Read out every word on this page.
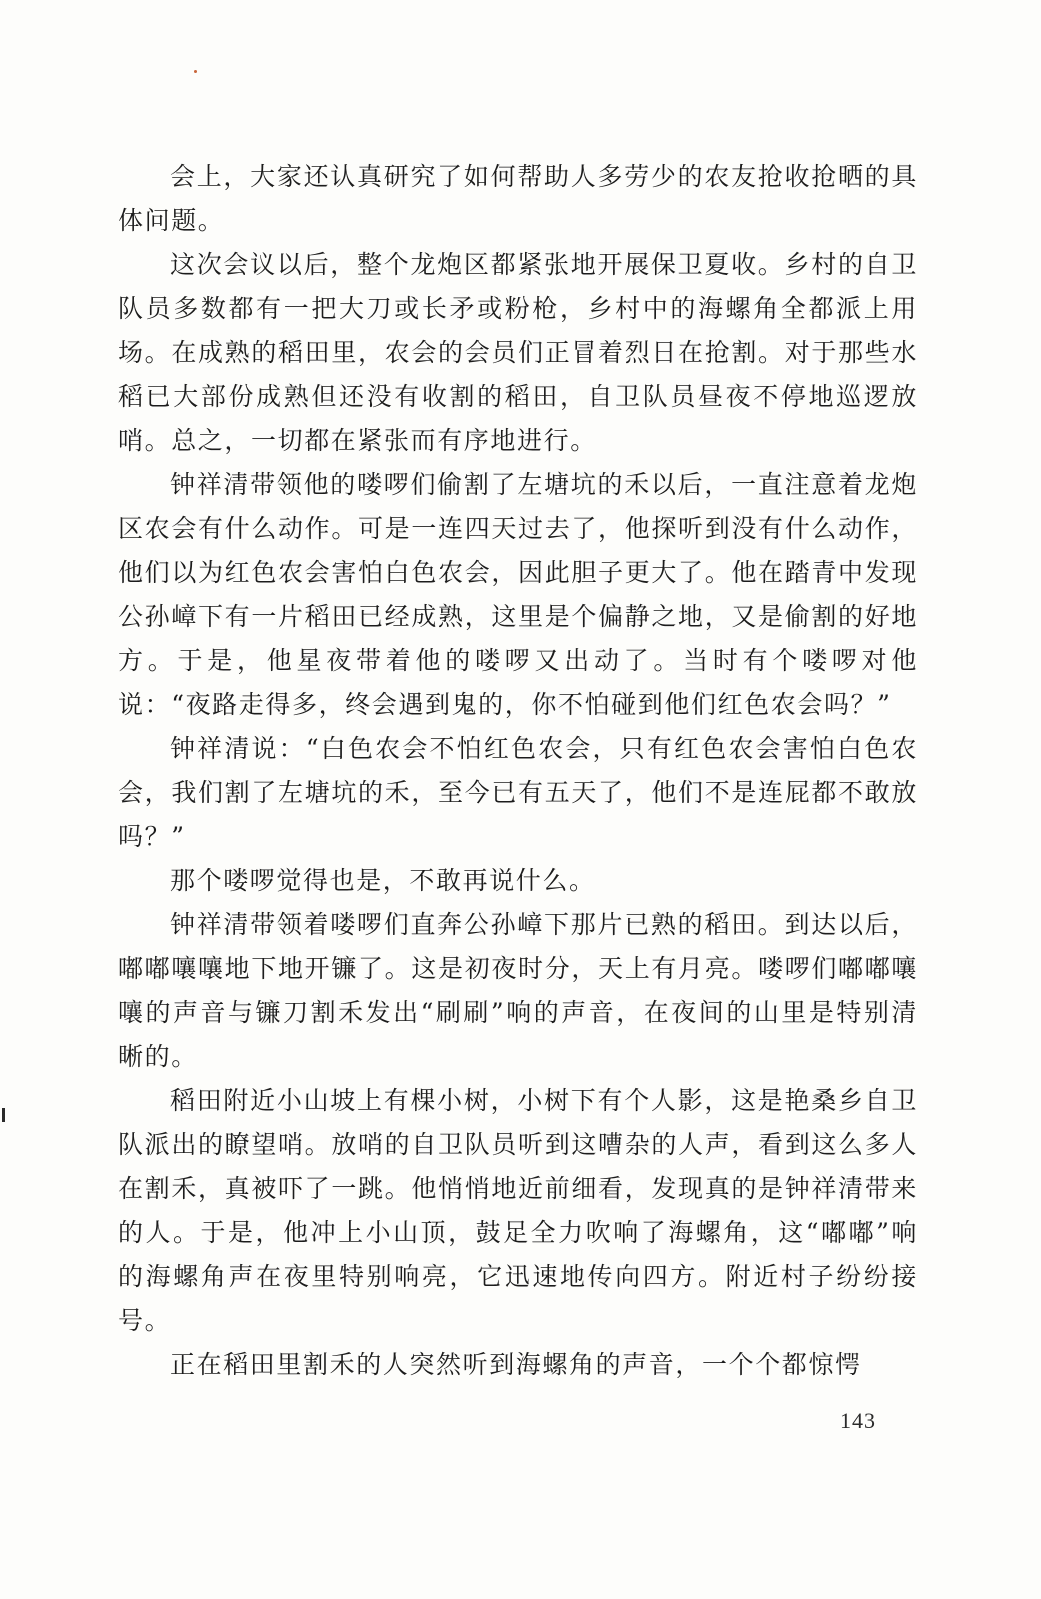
会上，大家还认真研究了如何帮助人多劳少的农友抢收抢晒的具体问题。

这次会议以后，整个龙炮区都紧张地开展保卫夏收。乡村的自卫队员多数都有一把大刀或长矛或粉枪，乡村中的海螺角全都派上用场。在成熟的稻田里，农会的会员们正冒着烈日在抢割。对于那些水稻已大部份成熟但还没有收割的稻田，自卫队员昼夜不停地巡逻放哨。总之，一切都在紧张而有序地进行。

钟祥清带领他的喽啰们偷割了左塘坑的禾以后，一直注意着龙炮区农会有什么动作。可是一连四天过去了，他探听到没有什么动作，他们以为红色农会害怕白色农会，因此胆子更大了。他在踏青中发现公孙嶂下有一片稻田已经成熟，这里是个偏静之地，又是偷割的好地方。于是，他星夜带着他的喽啰又出动了。当时有个喽啰对他说：“夜路走得多，终会遇到鬼的，你不怕碰到他们红色农会吗？”

钟祥清说：“白色农会不怕红色农会，只有红色农会害怕白色农会，我们割了左塘坑的禾，至今已有五天了，他们不是连屁都不敢放吗？”

那个喽啰觉得也是，不敢再说什么。

钟祥清带领着喽啰们直奔公孙嶂下那片已熟的稻田。到达以后，嘟嘟嚷嚷地下地开镰了。这是初夜时分，天上有月亮。喽啰们嘟嘟嚷嚷的声音与镰刀割禾发出“刷刷”响的声音，在夜间的山里是特别清晰的。

稻田附近小山坡上有棵小树，小树下有个人影，这是艳桑乡自卫队派出的瞭望哨。放哨的自卫队员听到这嘈杂的人声，看到这么多人在割禾，真被吓了一跳。他悄悄地近前细看，发现真的是钟祥清带来的人。于是，他冲上小山顶，鼓足全力吹响了海螺角，这“嘟嘟”响的海螺角声在夜里特别响亮，它迅速地传向四方。附近村子纷纷接号。

正在稻田里割禾的人突然听到海螺角的声音，一个个都惊愕

143
